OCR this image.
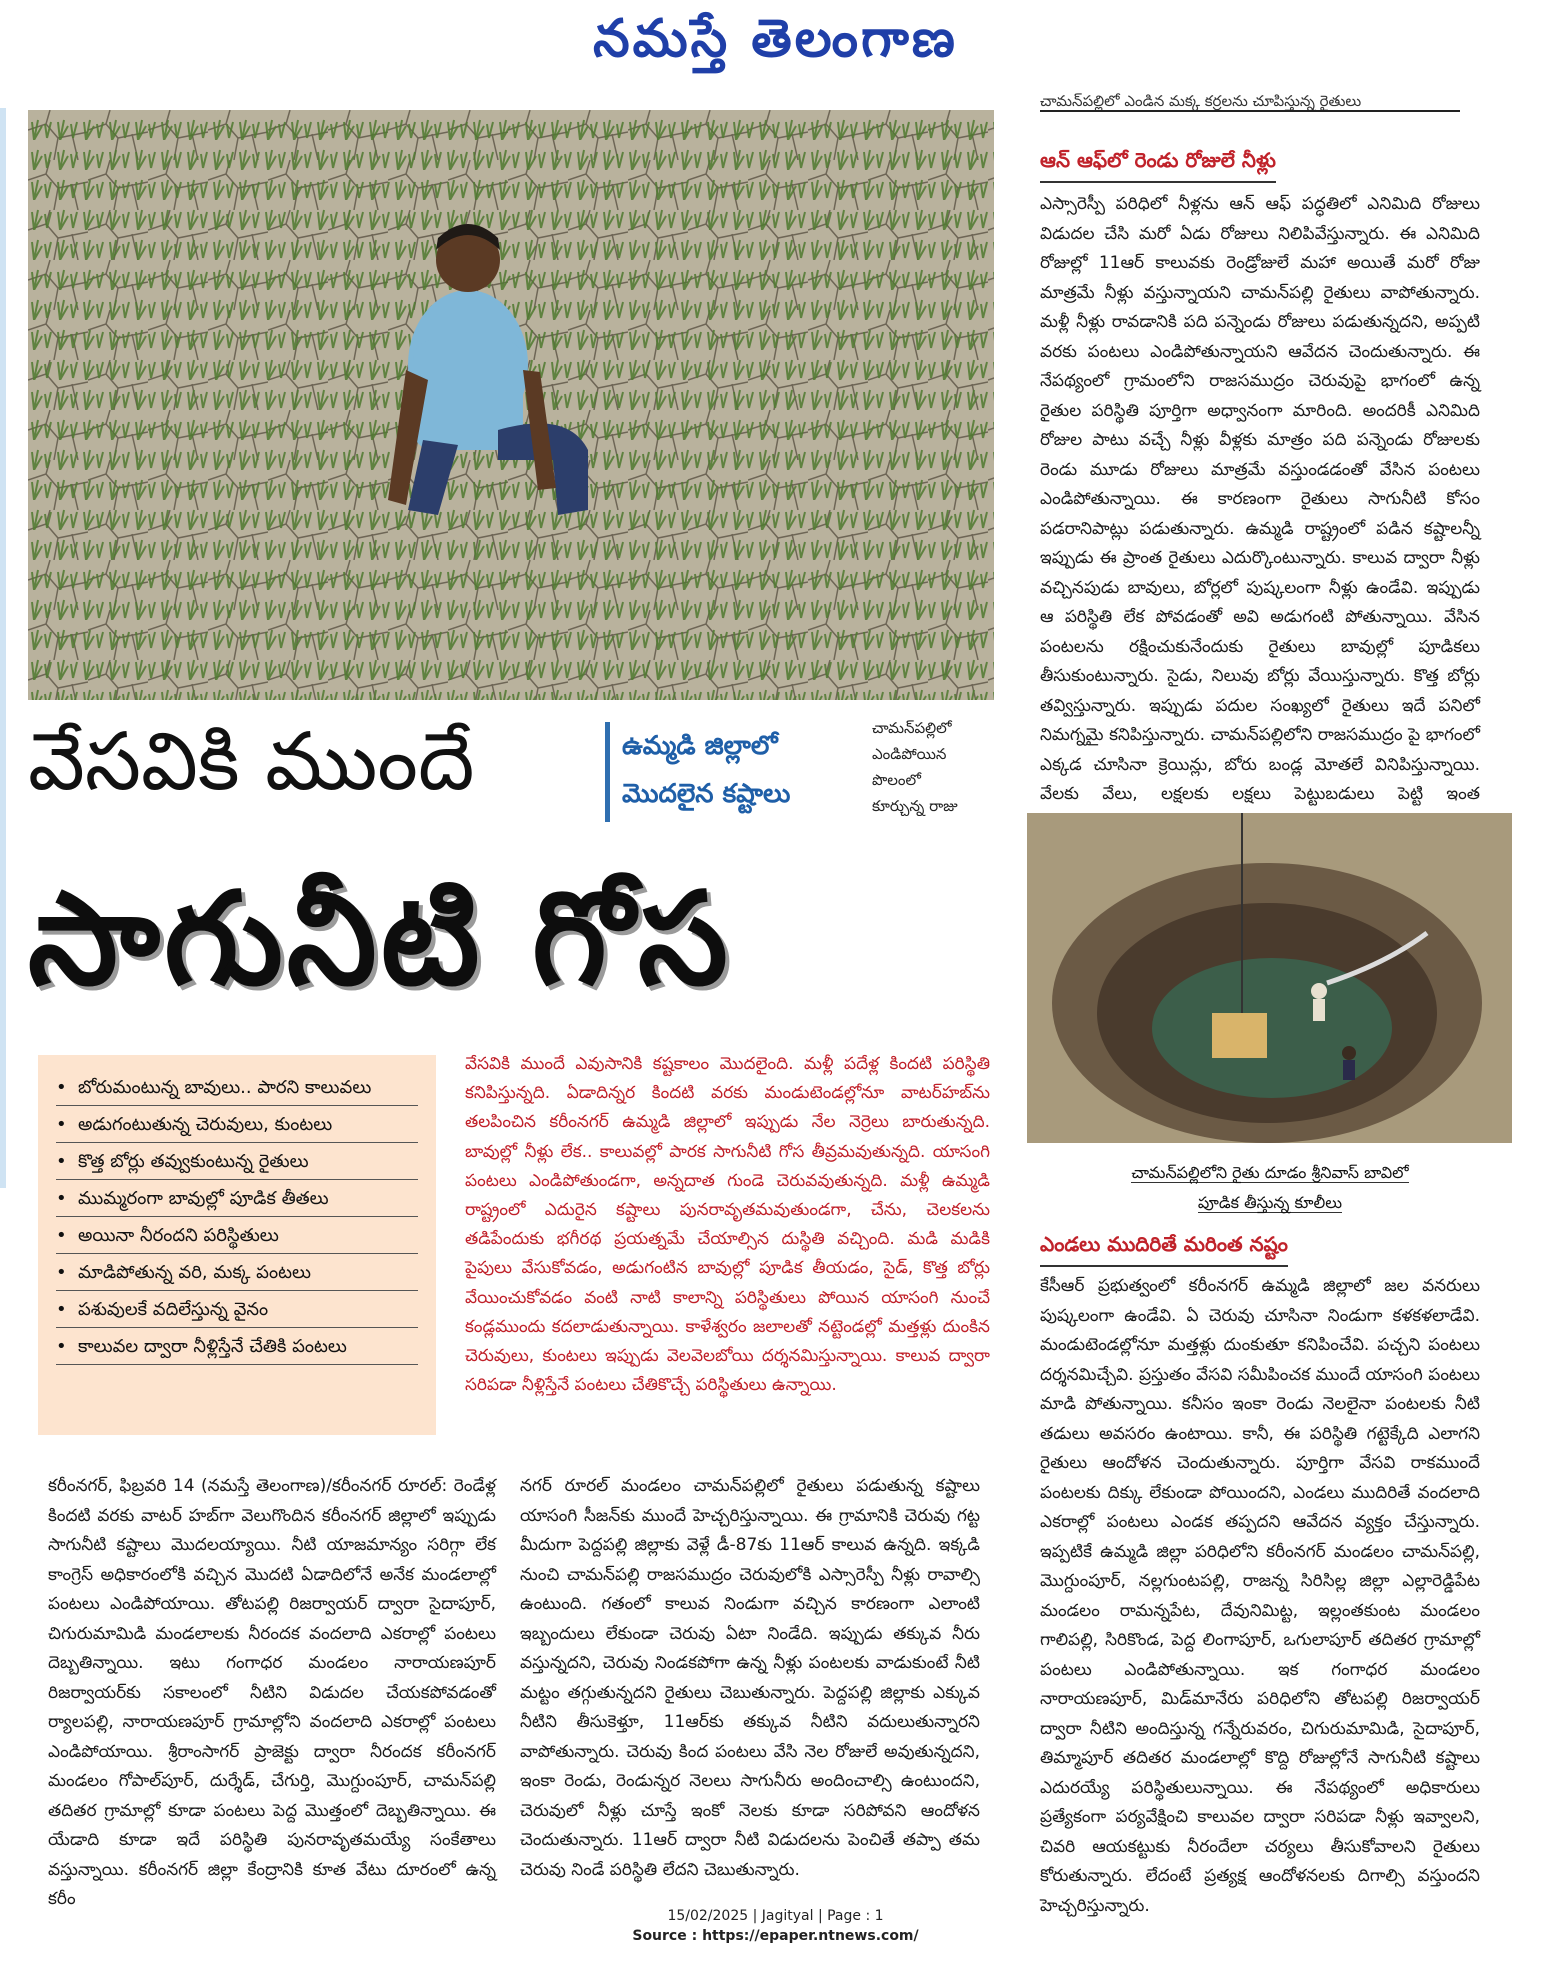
నమస్తే తెలంగాణ
చామన్‌పల్లిలో ఎండిన మక్క కర్రలను చూపిస్తున్న రైతులు
ఆన్ ఆఫ్‌లో రెండు రోజులే నీళ్లు

ఎస్సారెస్పీ పరిధిలో నీళ్లను ఆన్ ఆఫ్ పద్ధతిలో ఎనిమిది రోజులు విడుదల చేసి మరో ఏడు రోజులు నిలిపివేస్తున్నారు. ఈ ఎనిమిది రోజుల్లో 11ఆర్ కాలువకు రెండ్రోజులే మహా అయితే మరో రోజు మాత్రమే నీళ్లు వస్తున్నాయని చామన్‌పల్లి రైతులు వాపోతున్నారు. మళ్లీ నీళ్లు రావడానికి పది పన్నెండు రోజులు పడుతున్నదని, అప్పటి వరకు పంటలు ఎండిపోతున్నాయని ఆవేదన చెందుతున్నారు. ఈ నేపథ్యంలో గ్రామంలోని రాజసముద్రం చెరువుపై భాగంలో ఉన్న రైతుల పరిస్థితి పూర్తిగా అధ్వానంగా మారింది. అందరికీ ఎనిమిది రోజుల పాటు వచ్చే నీళ్లు వీళ్లకు మాత్రం పది పన్నెండు రోజులకు రెండు మూడు రోజులు మాత్రమే వస్తుండడంతో వేసిన పంటలు ఎండిపోతున్నాయి. ఈ కారణంగా రైతులు సాగునీటి కోసం పడరానిపాట్లు పడుతున్నారు. ఉమ్మడి రాష్ట్రంలో పడిన కష్టాలన్నీ ఇప్పుడు ఈ ప్రాంత రైతులు ఎదుర్కొంటున్నారు. కాలువ ద్వారా నీళ్లు వచ్చినపుడు బావులు, బోర్లలో పుష్కలంగా నీళ్లు ఉండేవి. ఇప్పుడు ఆ పరిస్థితి లేక పోవడంతో అవి అడుగంటి పోతున్నాయి. వేసిన పంటలను రక్షించుకునేందుకు రైతులు బావుల్లో పూడికలు తీసుకుంటున్నారు. సైడు, నిలువు బోర్లు వేయిస్తున్నారు. కొత్త బోర్లు తవ్విస్తున్నారు. ఇప్పుడు పదుల సంఖ్యలో రైతులు ఇదే పనిలో నిమగ్నమై కనిపిస్తున్నారు. చామన్‌పల్లిలోని రాజసముద్రం పై భాగంలో ఎక్కడ చూసినా క్రెయిన్లు, బోరు బండ్ల మోతలే వినిపిస్తున్నాయి. వేలకు వేలు, లక్షలకు లక్షలు పెట్టుబడులు పెట్టి ఇంత

వేసవికి ముందే	ఉమ్మడి జిల్లాలో
మొదలైన కష్టాలు
చామన్‌పల్లిలో
ఎండిపోయిన
పొలంలో
కూర్చున్న రాజు
సాగునీటి గోస
చామన్‌పల్లిలోని రైతు దూడం శ్రీనివాస్ బావిలో
పూడిక తీస్తున్న కూలీలు
ఎండలు ముదిరితే మరింత నష్టం

కేసీఆర్ ప్రభుత్వంలో కరీంనగర్ ఉమ్మడి జిల్లాలో జల వనరులు పుష్కలంగా ఉండేవి. ఏ చెరువు చూసినా నిండుగా కళకళలాడేవి. మండుటెండల్లోనూ మత్తళ్లు దుంకుతూ కనిపించేవి. పచ్చని పంటలు దర్శనమిచ్చేవి. ప్రస్తుతం వేసవి సమీపించక ముందే యాసంగి పంటలు మాడి పోతున్నాయి. కనీసం ఇంకా రెండు నెలలైనా పంటలకు నీటి తడులు అవసరం ఉంటాయి. కానీ, ఈ పరిస్థితి గట్టెక్కేది ఎలాగని రైతులు ఆందోళన చెందుతున్నారు. పూర్తిగా వేసవి రాకముందే పంటలకు దిక్కు లేకుండా పోయిందని, ఎండలు ముదిరితే వందలాది ఎకరాల్లో పంటలు ఎండక తప్పదని ఆవేదన వ్యక్తం చేస్తున్నారు. ఇప్పటికే ఉమ్మడి జిల్లా పరిధిలోని కరీంనగర్ మండలం చామన్‌పల్లి, మొగ్దుంపూర్, నల్లగుంటపల్లి, రాజన్న సిరిసిల్ల జిల్లా ఎల్లారెడ్డిపేట మండలం రామన్నపేట, దేవునిమిట్ట, ఇల్లంతకుంట మండలం గాలిపల్లి, సిరికొండ, పెద్ద లింగాపూర్, ఒగులాపూర్ తదితర గ్రామాల్లో పంటలు ఎండిపోతున్నాయి. ఇక గంగాధర మండలం నారాయణపూర్, మిడ్‌మానేరు పరిధిలోని తోటపల్లి రిజర్వాయర్ ద్వారా నీటిని అందిస్తున్న గన్నేరువరం, చిగురుమామిడి, సైదాపూర్, తిమ్మాపూర్ తదితర మండలాల్లో కొద్ది రోజుల్లోనే సాగునీటి కష్టాలు ఎదురయ్యే పరిస్థితులున్నాయి. ఈ నేపథ్యంలో అధికారులు ప్రత్యేకంగా పర్యవేక్షించి కాలువల ద్వారా సరిపడా నీళ్లు ఇవ్వాలని, చివరి ఆయకట్టుకు నీరందేలా చర్యలు తీసుకోవాలని రైతులు కోరుతున్నారు. లేదంటే ప్రత్యక్ష ఆందోళనలకు దిగాల్సి వస్తుందని హెచ్చరిస్తున్నారు.

• బోరుమంటున్న బావులు.. పారని కాలువలు
• అడుగంటుతున్న చెరువులు, కుంటలు
• కొత్త బోర్లు తవ్వుకుంటున్న రైతులు
• ముమ్మరంగా బావుల్లో పూడిక తీతలు
• అయినా నీరందని పరిస్థితులు
• మాడిపోతున్న వరి, మక్క పంటలు
• పశువులకే వదిలేస్తున్న వైనం
• కాలువల ద్వారా నీళ్లిస్తేనే చేతికి పంటలు

వేసవికి ముందే ఎవుసానికి కష్టకాలం మొదలైంది. మళ్లీ పదేళ్ల కిందటి పరిస్థితి కనిపిస్తున్నది. ఏడాదిన్నర కిందటి వరకు మండుటెండల్లోనూ వాటర్‌హబ్‌ను తలపించిన కరీంనగర్ ఉమ్మడి జిల్లాలో ఇప్పుడు నేల నెర్రెలు బారుతున్నది. బావుల్లో నీళ్లు లేక.. కాలువల్లో పారక సాగునీటి గోస తీవ్రమవుతున్నది. యాసంగి పంటలు ఎండిపోతుండగా, అన్నదాత గుండె చెరువవుతున్నది. మళ్లీ ఉమ్మడి రాష్ట్రంలో ఎదురైన కష్టాలు పునరావృతమవుతుండగా, చేను, చెలకలను తడిపేందుకు భగీరథ ప్రయత్నమే చేయాల్సిన దుస్థితి వచ్చింది. మడి మడికి పైపులు వేసుకోవడం, అడుగంటిన బావుల్లో పూడిక తీయడం, సైడ్, కొత్త బోర్లు వేయించుకోవడం వంటి నాటి కాలాన్ని పరిస్థితులు పోయిన యాసంగి నుంచే కండ్లముందు కదలాడుతున్నాయి. కాళేశ్వరం జలాలతో నట్టెండల్లో మత్తళ్లు దుంకిన చెరువులు, కుంటలు ఇప్పుడు వెలవెలబోయి దర్శనమిస్తున్నాయి. కాలువ ద్వారా సరిపడా నీళ్లిస్తేనే పంటలు చేతికొచ్చే పరిస్థితులు ఉన్నాయి.

కరీంనగర్, ఫిబ్రవరి 14 (నమస్తే తెలంగాణ)/కరీంనగర్ రూరల్: రెండేళ్ల కిందటి వరకు వాటర్ హబ్‌గా వెలుగొందిన కరీంనగర్ జిల్లాలో ఇప్పుడు సాగునీటి కష్టాలు మొదలయ్యాయి. నీటి యాజమాన్యం సరిగ్గా లేక కాంగ్రెస్ అధికారంలోకి వచ్చిన మొదటి ఏడాదిలోనే అనేక మండలాల్లో పంటలు ఎండిపోయాయి. తోటపల్లి రిజర్వాయర్ ద్వారా సైదాపూర్, చిగురుమామిడి మండలాలకు నీరందక వందలాది ఎకరాల్లో పంటలు దెబ్బతిన్నాయి. ఇటు గంగాధర మండలం నారాయణపూర్ రిజర్వాయర్‌కు సకాలంలో నీటిని విడుదల చేయకపోవడంతో ర్యాలపల్లి, నారాయణపూర్ గ్రామాల్లోని వందలాది ఎకరాల్లో పంటలు ఎండిపోయాయి. శ్రీరాంసాగర్ ప్రాజెక్టు ద్వారా నీరందక కరీంనగర్ మండలం గోపాల్‌పూర్, దుర్శేడ్, చేగుర్తి, మొగ్దుంపూర్, చామన్‌పల్లి తదితర గ్రామాల్లో కూడా పంటలు పెద్ద మొత్తంలో దెబ్బతిన్నాయి. ఈ యేడాది కూడా ఇదే పరిస్థితి పునరావృతమయ్యే సంకేతాలు వస్తున్నాయి. కరీంనగర్ జిల్లా కేంద్రానికి కూత వేటు దూరంలో ఉన్న కరీం

నగర్ రూరల్ మండలం చామన్‌పల్లిలో రైతులు పడుతున్న కష్టాలు యాసంగి సీజన్‌కు ముందే హెచ్చరిస్తున్నాయి. ఈ గ్రామానికి చెరువు గట్ట మీదుగా పెద్దపల్లి జిల్లాకు వెళ్లే డీ-87కు 11ఆర్ కాలువ ఉన్నది. ఇక్కడి నుంచి చామన్‌పల్లి రాజసముద్రం చెరువులోకి ఎస్సారెస్పీ నీళ్లు రావాల్సి ఉంటుంది. గతంలో కాలువ నిండుగా వచ్చిన కారణంగా ఎలాంటి ఇబ్బందులు లేకుండా చెరువు ఏటా నిండేది. ఇప్పుడు తక్కువ నీరు వస్తున్నదని, చెరువు నిండకపోగా ఉన్న నీళ్లు పంటలకు వాడుకుంటే నీటి మట్టం తగ్గుతున్నదని రైతులు చెబుతున్నారు. పెద్దపల్లి జిల్లాకు ఎక్కువ నీటిని తీసుకెళ్తూ, 11ఆర్‌కు తక్కువ నీటిని వదులుతున్నారని వాపోతున్నారు. చెరువు కింద పంటలు వేసి నెల రోజులే అవుతున్నదని, ఇంకా రెండు, రెండున్నర నెలలు సాగునీరు అందించాల్సి ఉంటుందని, చెరువులో నీళ్లు చూస్తే ఇంకో నెలకు కూడా సరిపోవని ఆందోళన చెందుతున్నారు. 11ఆర్ ద్వారా నీటి విడుదలను పెంచితే తప్పా తమ చెరువు నిండే పరిస్థితి లేదని చెబుతున్నారు.

15/02/2025 | Jagityal | Page : 1
Source : https://epaper.ntnews.com/
